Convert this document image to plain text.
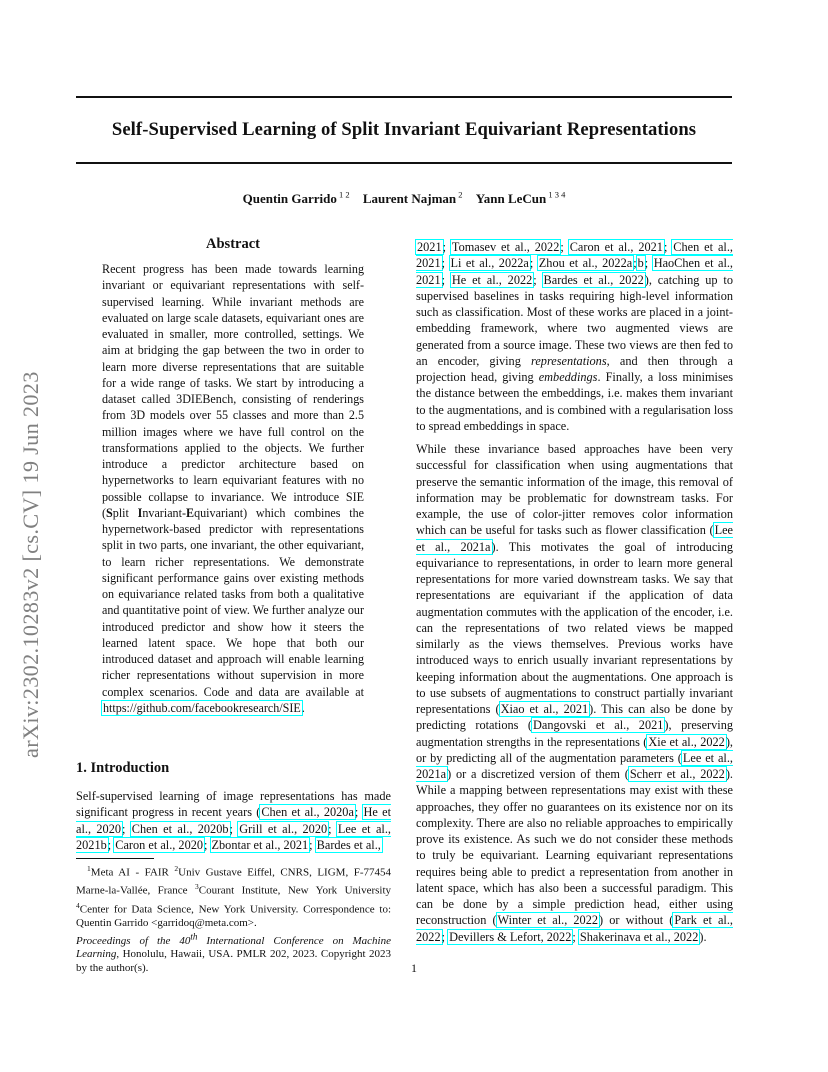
Self-Supervised Learning of Split Invariant Equivariant Representations
Quentin Garrido $^{1 2}$ Laurent Najman $^2$ Yann LeCun $^{1 3 4}$
arXiv:2302.10283v2 [cs.CV] 19 Jun 2023
Abstract
Recent progress has been made towards learning invariant or equivariant representations with self-supervised learning. While invariant methods are evaluated on large scale datasets, equivariant ones are evaluated in smaller, more controlled, settings. We aim at bridging the gap between the two in order to learn more diverse representations that are suitable for a wide range of tasks. We start by introducing a dataset called 3DIEBench, consisting of renderings from 3D models over 55 classes and more than 2.5 million images where we have full control on the transformations applied to the objects. We further introduce a predictor architecture based on hypernetworks to learn equivariant features with no possible collapse to invariance. We introduce SIE (Split Invariant-Equivariant) which combines the hypernetwork-based predictor with representations split in two parts, one invariant, the other equivariant, to learn richer representations. We demonstrate significant performance gains over existing methods on equivariance related tasks from both a qualitative and quantitative point of view. We further analyze our introduced predictor and show how it steers the learned latent space. We hope that both our introduced dataset and approach will enable learning richer representations without supervision in more complex scenarios. Code and data are available at https://github.com/facebookresearch/SIE.
1. Introduction
Self-supervised learning of image representations has made significant progress in recent years (Chen et al., 2020a; He et al., 2020; Chen et al., 2020b; Grill et al., 2020; Lee et al., 2021b; Caron et al., 2020; Zbontar et al., 2021; Bardes et al.,
$^1$Meta AI - FAIR $^2$Univ Gustave Eiffel, CNRS, LIGM, F-77454 Marne-la-Vallée, France $^3$Courant Institute, New York University $^4$Center for Data Science, New York University. Correspondence to: Quentin Garrido <garridoq@meta.com>.
Proceedings of the 40th International Conference on Machine Learning, Honolulu, Hawaii, USA. PMLR 202, 2023. Copyright 2023 by the author(s).
2021; Tomasev et al., 2022; Caron et al., 2021; Chen et al., 2021; Li et al., 2022a; Zhou et al., 2022a;b; HaoChen et al., 2021; He et al., 2022; Bardes et al., 2022), catching up to supervised baselines in tasks requiring high-level information such as classification. Most of these works are placed in a joint-embedding framework, where two augmented views are generated from a source image. These two views are then fed to an encoder, giving representations, and then through a projection head, giving embeddings. Finally, a loss minimises the distance between the embeddings, i.e. makes them invariant to the augmentations, and is combined with a regularisation loss to spread embeddings in space.
While these invariance based approaches have been very successful for classification when using augmentations that preserve the semantic information of the image, this removal of information may be problematic for downstream tasks. For example, the use of color-jitter removes color information which can be useful for tasks such as flower classification (Lee et al., 2021a). This motivates the goal of introducing equivariance to representations, in order to learn more general representations for more varied downstream tasks. We say that representations are equivariant if the application of data augmentation commutes with the application of the encoder, i.e. can the representations of two related views be mapped similarly as the views themselves. Previous works have introduced ways to enrich usually invariant representations by keeping information about the augmentations. One approach is to use subsets of augmentations to construct partially invariant representations (Xiao et al., 2021). This can also be done by predicting rotations (Dangovski et al., 2021), preserving augmentation strengths in the representations (Xie et al., 2022), or by predicting all of the augmentation parameters (Lee et al., 2021a) or a discretized version of them (Scherr et al., 2022). While a mapping between representations may exist with these approaches, they offer no guarantees on its existence nor on its complexity. There are also no reliable approaches to empirically prove its existence. As such we do not consider these methods to truly be equivariant. Learning equivariant representations requires being able to predict a representation from another in latent space, which has also been a successful paradigm. This can be done by a simple prediction head, either using reconstruction (Winter et al., 2022) or without (Park et al., 2022; Devillers & Lefort, 2022; Shakerinava et al., 2022).
1
